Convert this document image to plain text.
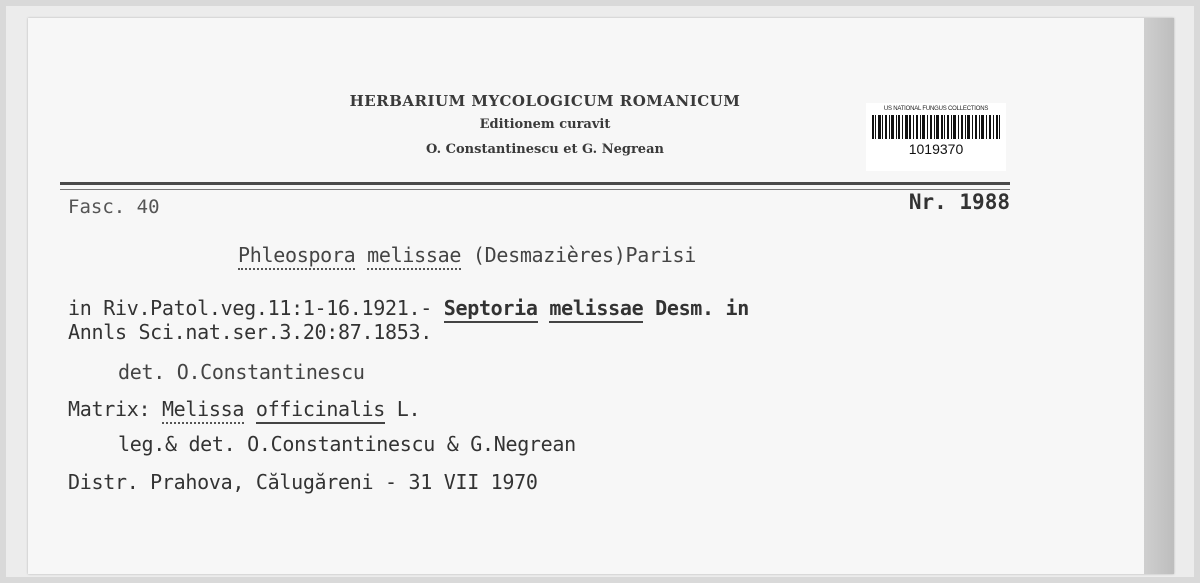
HERBARIUM MYCOLOGICUM ROMANICUM

Editionem curavit

O. Constantinescu et G. Negrean

US NATIONAL FUNGUS COLLECTIONS
1019370
Fasc. 40	Nr. 1988
Phleospora melissae (Desmazières)Parisi
in Riv.Patol.veg.11:1-16.1921.- Septoria melissae Desm. in
Annls Sci.nat.ser.3.20:87.1853.
det. O.Constantinescu
Matrix: Melissa officinalis L.
leg.& det. O.Constantinescu & G.Negrean
Distr. Prahova, Călugăreni - 31 VII 1970
